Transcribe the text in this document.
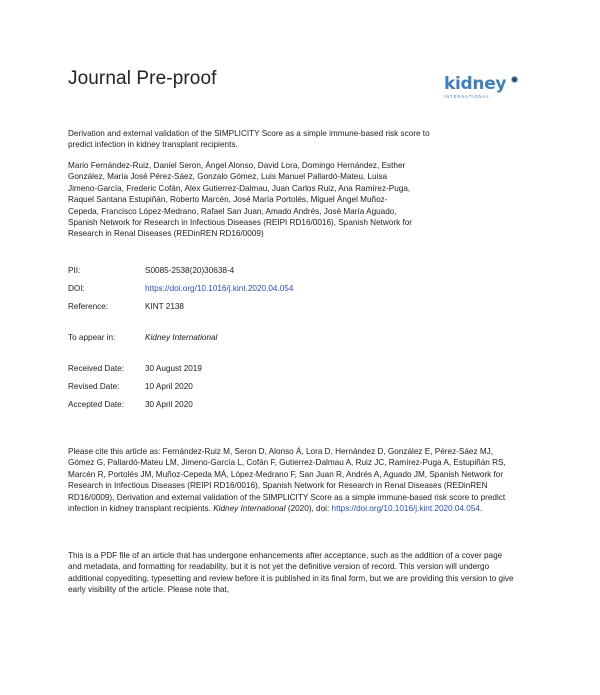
Journal Pre-proof	kidney
INTERNATIONAL
Derivation and external validation of the SIMPLICITY Score as a simple immune-based risk score to predict infection in kidney transplant recipients.
Mario Fernández-Ruiz, Daniel Seron, Ángel Alonso, David Lora, Domingo Hernández, Esther González, María José Pérez-Sáez, Gonzalo Gómez, Luis Manuel Pallardó-Mateu, Luisa Jimeno-García, Frederic Cofán, Alex Gutierrez-Dalmau, Juan Carlos Ruiz, Ana Ramírez-Puga, Raquel Santana Estupiñán, Roberto Marcén, José María Portolés, Miguel Ángel Muñoz-Cepeda, Francisco López-Medrano, Rafael San Juan, Amado Andrés, José María Aguado, Spanish Network for Research in Infectious Diseases (REIPI RD16/0016), Spanish Network for Research in Renal Diseases (REDinREN RD16/0009)
PII:	S0085-2538(20)30638-4
DOI:	https://doi.org/10.1016/j.kint.2020.04.054
Reference:	KINT 2138
To appear in:	Kidney International
Received Date:	30 August 2019
Revised Date:	10 April 2020
Accepted Date:	30 April 2020
Please cite this article as: Fernández-Ruiz M, Seron D, Alonso Á, Lora D, Hernández D, González E, Pérez-Sáez MJ, Gómez G, Pallardó-Mateu LM, Jimeno-García L, Cofán F, Gutierrez-Dalmau A, Ruiz JC, Ramírez-Puga A, Estupiñán RS, Marcén R, Portolés JM, Muñoz-Cepeda MÁ, López-Medrano F, San Juan R, Andrés A, Aguado JM, Spanish Network for Research in Infectious Diseases (REIPI RD16/0016), Spanish Network for Research in Renal Diseases (REDinREN RD16/0009), Derivation and external validation of the SIMPLICITY Score as a simple immune-based risk score to predict infection in kidney transplant recipients. Kidney International (2020), doi: https://doi.org/10.1016/j.kint.2020.04.054.
This is a PDF file of an article that has undergone enhancements after acceptance, such as the addition of a cover page and metadata, and formatting for readability, but it is not yet the definitive version of record. This version will undergo additional copyediting, typesetting and review before it is published in its final form, but we are providing this version to give early visibility of the article. Please note that,
